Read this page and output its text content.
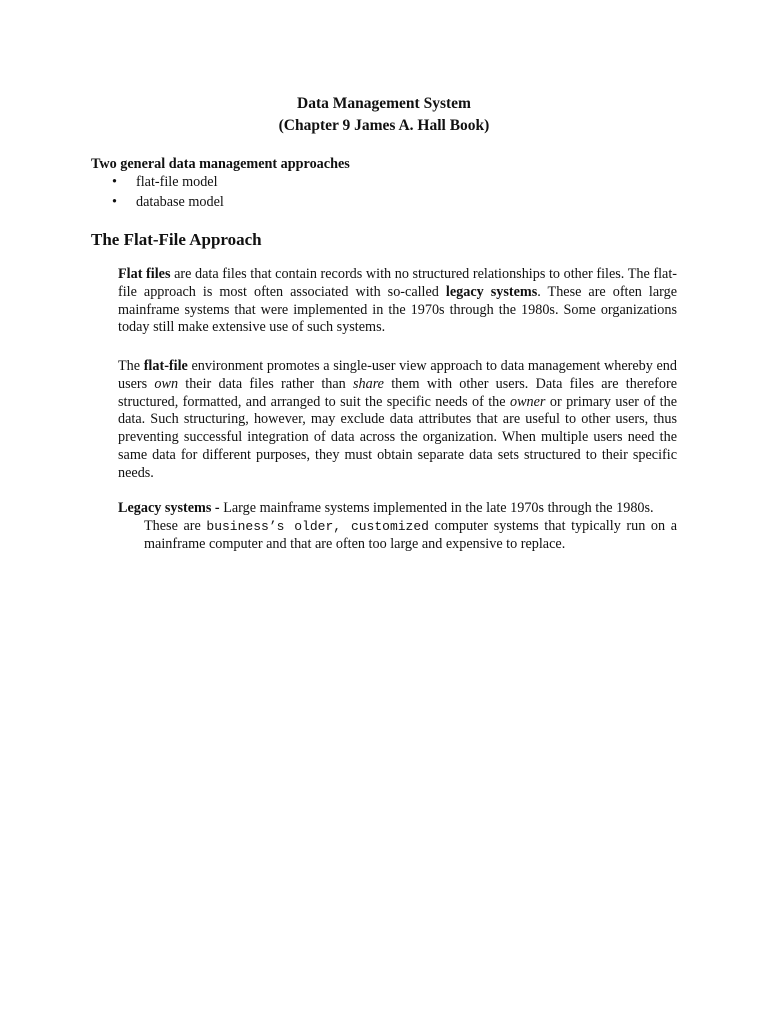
Data Management System
(Chapter 9 James A. Hall Book)
Two general data management approaches
• flat-file model
• database model
The Flat-File Approach

Flat files are data files that contain records with no structured relationships to other files. The flat-file approach is most often associated with so-called legacy systems. These are often large mainframe systems that were implemented in the 1970s through the 1980s. Some organizations today still make extensive use of such systems.

The flat-file environment promotes a single-user view approach to data management whereby end users own their data files rather than share them with other users. Data files are therefore structured, formatted, and arranged to suit the specific needs of the owner or primary user of the data. Such structuring, however, may exclude data attributes that are useful to other users, thus preventing successful integration of data across the organization. When multiple users need the same data for different purposes, they must obtain separate data sets structured to their specific needs.

Legacy systems - Large mainframe systems implemented in the late 1970s through the 1980s.
These are business’s older, customized computer systems that typically run on a mainframe computer and that are often too large and expensive to replace.
